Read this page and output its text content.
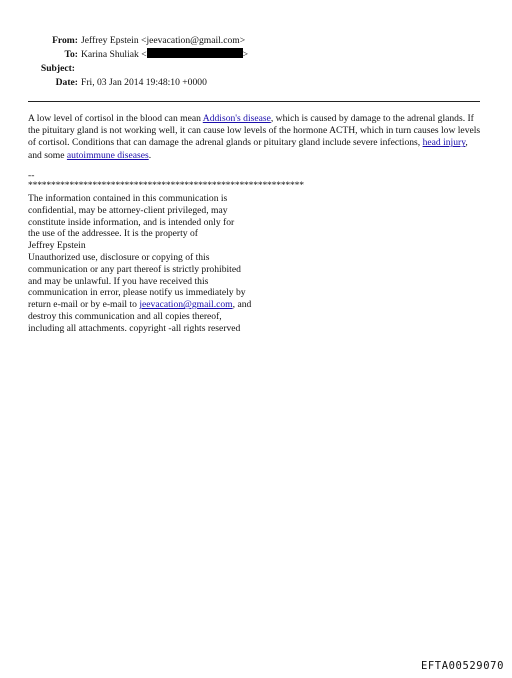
From: Jeffrey Epstein <jeevacation@gmail.com>
To: Karina Shuliak <	>
Subject:
Date: Fri, 03 Jan 2014 19:48:10 +0000
A low level of cortisol in the blood can mean Addison's disease, which is caused by damage to the adrenal glands. If the pituitary gland is not working well, it can cause low levels of the hormone ACTH, which in turn causes low levels of cortisol. Conditions that can damage the adrenal glands or pituitary gland include severe infections, head injury, and some autoimmune diseases.
--
************************************************************
The information contained in this communication is
confidential, may be attorney-client privileged, may
constitute inside information, and is intended only for
the use of the addressee. It is the property of
Jeffrey Epstein
Unauthorized use, disclosure or copying of this
communication or any part thereof is strictly prohibited
and may be unlawful. If you have received this
communication in error, please notify us immediately by
return e-mail or by e-mail to jeevacation@gmail.com, and
destroy this communication and all copies thereof,
including all attachments. copyright -all rights reserved
EFTA00529070
